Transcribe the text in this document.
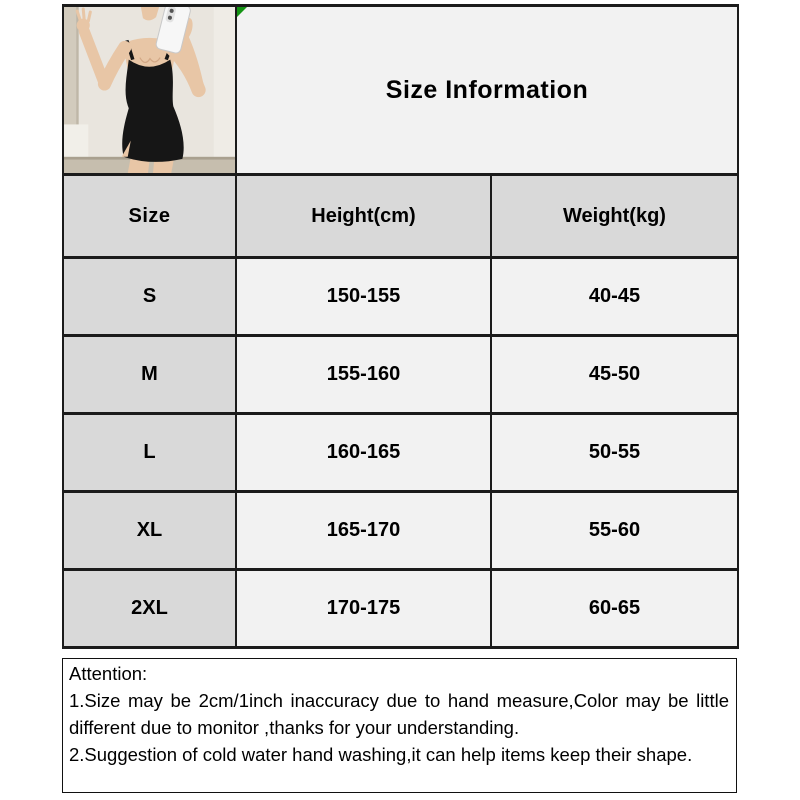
Size Information	
Size	Height(cm)	Weight(kg)
S	150-155	40-45
M	155-160	45-50
L	160-165	50-55
XL	165-170	55-60
2XL	170-175	60-65
Attention:
1.Size may be 2cm/1inch inaccuracy due to hand measure,Color may be little different due to monitor ,thanks for your understanding.
2.Suggestion of cold water hand washing,it can help items keep their shape.
